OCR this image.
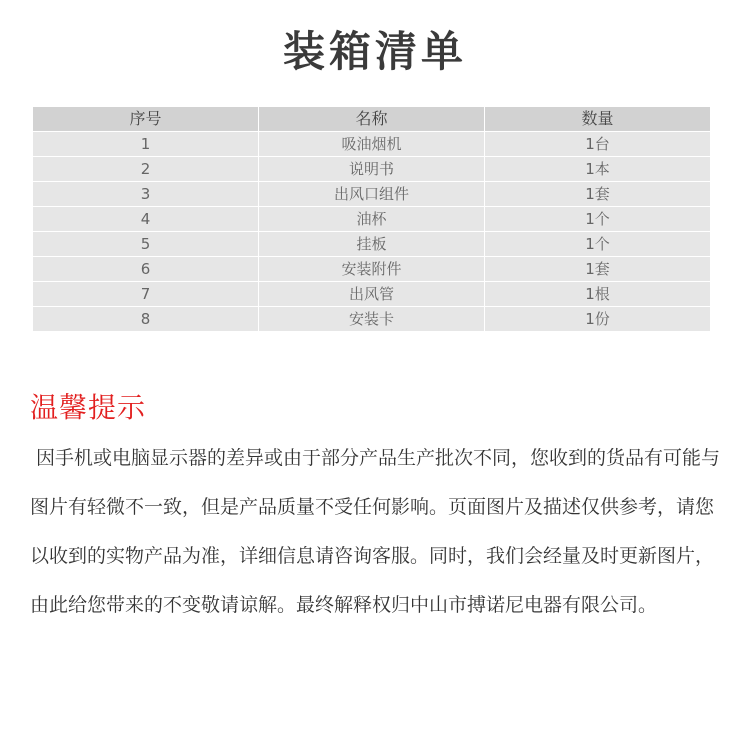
装箱清单
序号	名称	数量
1	吸油烟机	1台
2	说明书	1本
3	出风口组件	1套
4	油杯	1个
5	挂板	1个
6	安装附件	1套
7	出风管	1根
8	安装卡	1份
温馨提示
因手机或电脑显示器的差异或由于部分产品生产批次不同，您收到的货品有可能与图片有轻微不一致，但是产品质量不受任何影响。页面图片及描述仅供参考，请您以收到的实物产品为准，详细信息请咨询客服。同时，我们会经量及时更新图片，由此给您带来的不变敬请谅解。最终解释权归中山市搏诺尼电器有限公司。
